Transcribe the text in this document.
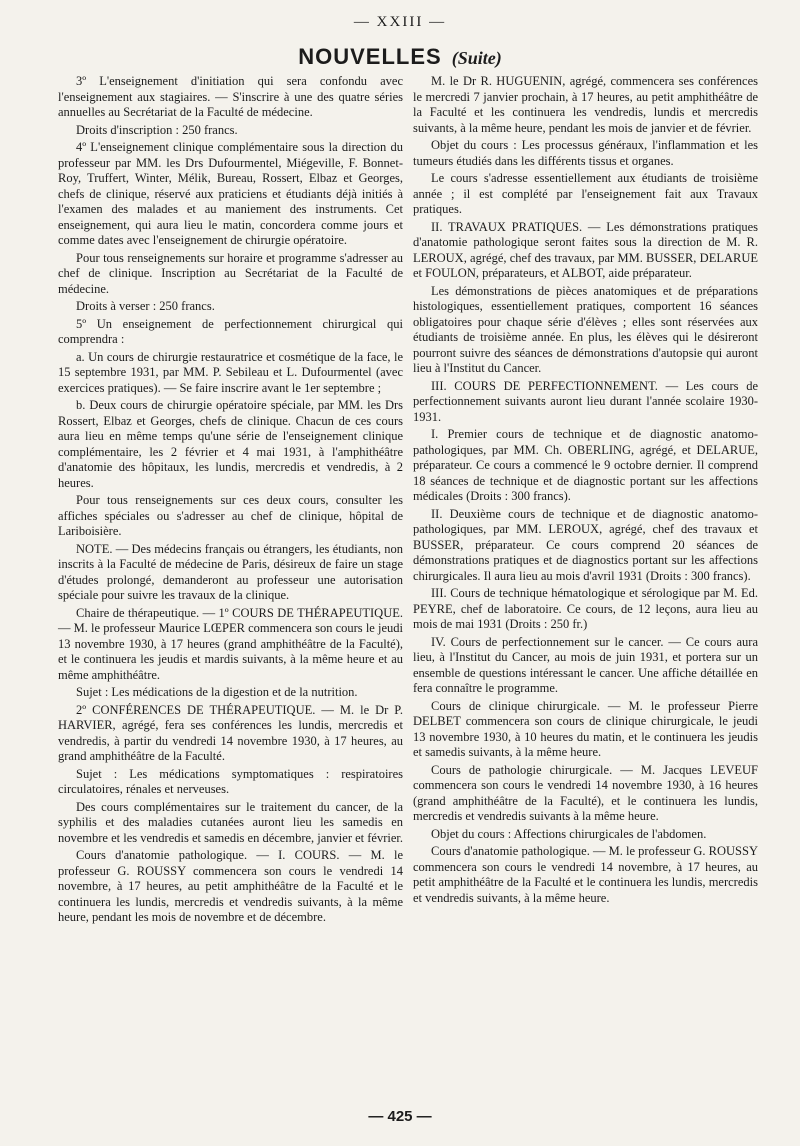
— XXIII —
NOUVELLES (Suite)

3º L'enseignement d'initiation qui sera confondu avec l'enseignement aux stagiaires. — S'inscrire à une des quatre séries annuelles au Secrétariat de la Faculté de médecine.

Droits d'inscription : 250 francs.

4º L'enseignement clinique complémentaire sous la direction du professeur par MM. les Drs Dufourmentel, Miégeville, F. Bonnet-Roy, Truffert, Winter, Mélik, Bureau, Rossert, Elbaz et Georges, chefs de clinique, réservé aux praticiens et étudiants déjà initiés à l'examen des malades et au maniement des instruments. Cet enseignement, qui aura lieu le matin, concordera comme jours et comme dates avec l'enseignement de chirurgie opératoire.

Pour tous renseignements sur horaire et programme s'adresser au chef de clinique. Inscription au Secrétariat de la Faculté de médecine.

Droits à verser : 250 francs.

5º Un enseignement de perfectionnement chirurgical qui comprendra :

a. Un cours de chirurgie restauratrice et cosmétique de la face, le 15 septembre 1931, par MM. P. Sebileau et L. Dufourmentel (avec exercices pratiques). — Se faire inscrire avant le 1er septembre ;

b. Deux cours de chirurgie opératoire spéciale, par MM. les Drs Rossert, Elbaz et Georges, chefs de clinique. Chacun de ces cours aura lieu en même temps qu'une série de l'enseignement clinique complémentaire, les 2 février et 4 mai 1931, à l'amphithéâtre d'anatomie des hôpitaux, les lundis, mercredis et vendredis, à 2 heures.

Pour tous renseignements sur ces deux cours, consulter les affiches spéciales ou s'adresser au chef de clinique, hôpital de Lariboisière.

NOTE. — Des médecins français ou étrangers, les étudiants, non inscrits à la Faculté de médecine de Paris, désireux de faire un stage d'études prolongé, demanderont au professeur une autorisation spéciale pour suivre les travaux de la clinique.

Chaire de thérapeutique. — 1º COURS DE THÉRAPEUTIQUE. — M. le professeur Maurice LŒPER commencera son cours le jeudi 13 novembre 1930, à 17 heures (grand amphithéâtre de la Faculté), et le continuera les jeudis et mardis suivants, à la même heure et au même amphithéâtre.

Sujet : Les médications de la digestion et de la nutrition.

2º CONFÉRENCES DE THÉRAPEUTIQUE. — M. le Dr P. HARVIER, agrégé, fera ses conférences les lundis, mercredis et vendredis, à partir du vendredi 14 novembre 1930, à 17 heures, au grand amphithéâtre de la Faculté.

Sujet : Les médications symptomatiques : respiratoires circulatoires, rénales et nerveuses.

Des cours complémentaires sur le traitement du cancer, de la syphilis et des maladies cutanées auront lieu les samedis en novembre et les vendredis et samedis en décembre, janvier et février.

Cours d'anatomie pathologique. — I. COURS. — M. le professeur G. ROUSSY commencera son cours le vendredi 14 novembre, à 17 heures, au petit amphithéâtre de la Faculté et le continuera les lundis, mercredis et vendredis suivants, à la même heure, pendant les mois de novembre et de décembre.

M. le Dr R. HUGUENIN, agrégé, commencera ses conférences le mercredi 7 janvier prochain, à 17 heures, au petit amphithéâtre de la Faculté et les continuera les vendredis, lundis et mercredis suivants, à la même heure, pendant les mois de janvier et de février.

Objet du cours : Les processus généraux, l'inflammation et les tumeurs étudiés dans les différents tissus et organes.

Le cours s'adresse essentiellement aux étudiants de troisième année ; il est complété par l'enseignement fait aux Travaux pratiques.

II. TRAVAUX PRATIQUES. — Les démonstrations pratiques d'anatomie pathologique seront faites sous la direction de M. R. LEROUX, agrégé, chef des travaux, par MM. BUSSER, DELARUE et FOULON, préparateurs, et ALBOT, aide préparateur.

Les démonstrations de pièces anatomiques et de préparations histologiques, essentiellement pratiques, comportent 16 séances obligatoires pour chaque série d'élèves ; elles sont réservées aux étudiants de troisième année. En plus, les élèves qui le désireront pourront suivre des séances de démonstrations d'autopsie qui auront lieu à l'Institut du Cancer.

III. COURS DE PERFECTIONNEMENT. — Les cours de perfectionnement suivants auront lieu durant l'année scolaire 1930-1931.

I. Premier cours de technique et de diagnostic anatomo-pathologiques, par MM. Ch. OBERLING, agrégé, et DELARUE, préparateur. Ce cours a commencé le 9 octobre dernier. Il comprend 18 séances de technique et de diagnostic portant sur les affections médicales (Droits : 300 francs).

II. Deuxième cours de technique et de diagnostic anatomo-pathologiques, par MM. LEROUX, agrégé, chef des travaux et BUSSER, préparateur. Ce cours comprend 20 séances de démonstrations pratiques et de diagnostics portant sur les affections chirurgicales. Il aura lieu au mois d'avril 1931 (Droits : 300 francs).

III. Cours de technique hématologique et sérologique par M. Ed. PEYRE, chef de laboratoire. Ce cours, de 12 leçons, aura lieu au mois de mai 1931 (Droits : 250 fr.)

IV. Cours de perfectionnement sur le cancer. — Ce cours aura lieu, à l'Institut du Cancer, au mois de juin 1931, et portera sur un ensemble de questions intéressant le cancer. Une affiche détaillée en fera connaître le programme.

Cours de clinique chirurgicale. — M. le professeur Pierre DELBET commencera son cours de clinique chirurgicale, le jeudi 13 novembre 1930, à 10 heures du matin, et le continuera les jeudis et samedis suivants, à la même heure.

Cours de pathologie chirurgicale. — M. Jacques LEVEUF commencera son cours le vendredi 14 novembre 1930, à 16 heures (grand amphithéâtre de la Faculté), et le continuera les lundis, mercredis et vendredis suivants à la même heure.

Objet du cours : Affections chirurgicales de l'abdomen.

Cours d'anatomie pathologique. — M. le professeur G. ROUSSY commencera son cours le vendredi 14 novembre, à 17 heures, au petit amphithéâtre de la Faculté et le continuera les lundis, mercredis et vendredis suivants, à la même heure.

— 425 —
